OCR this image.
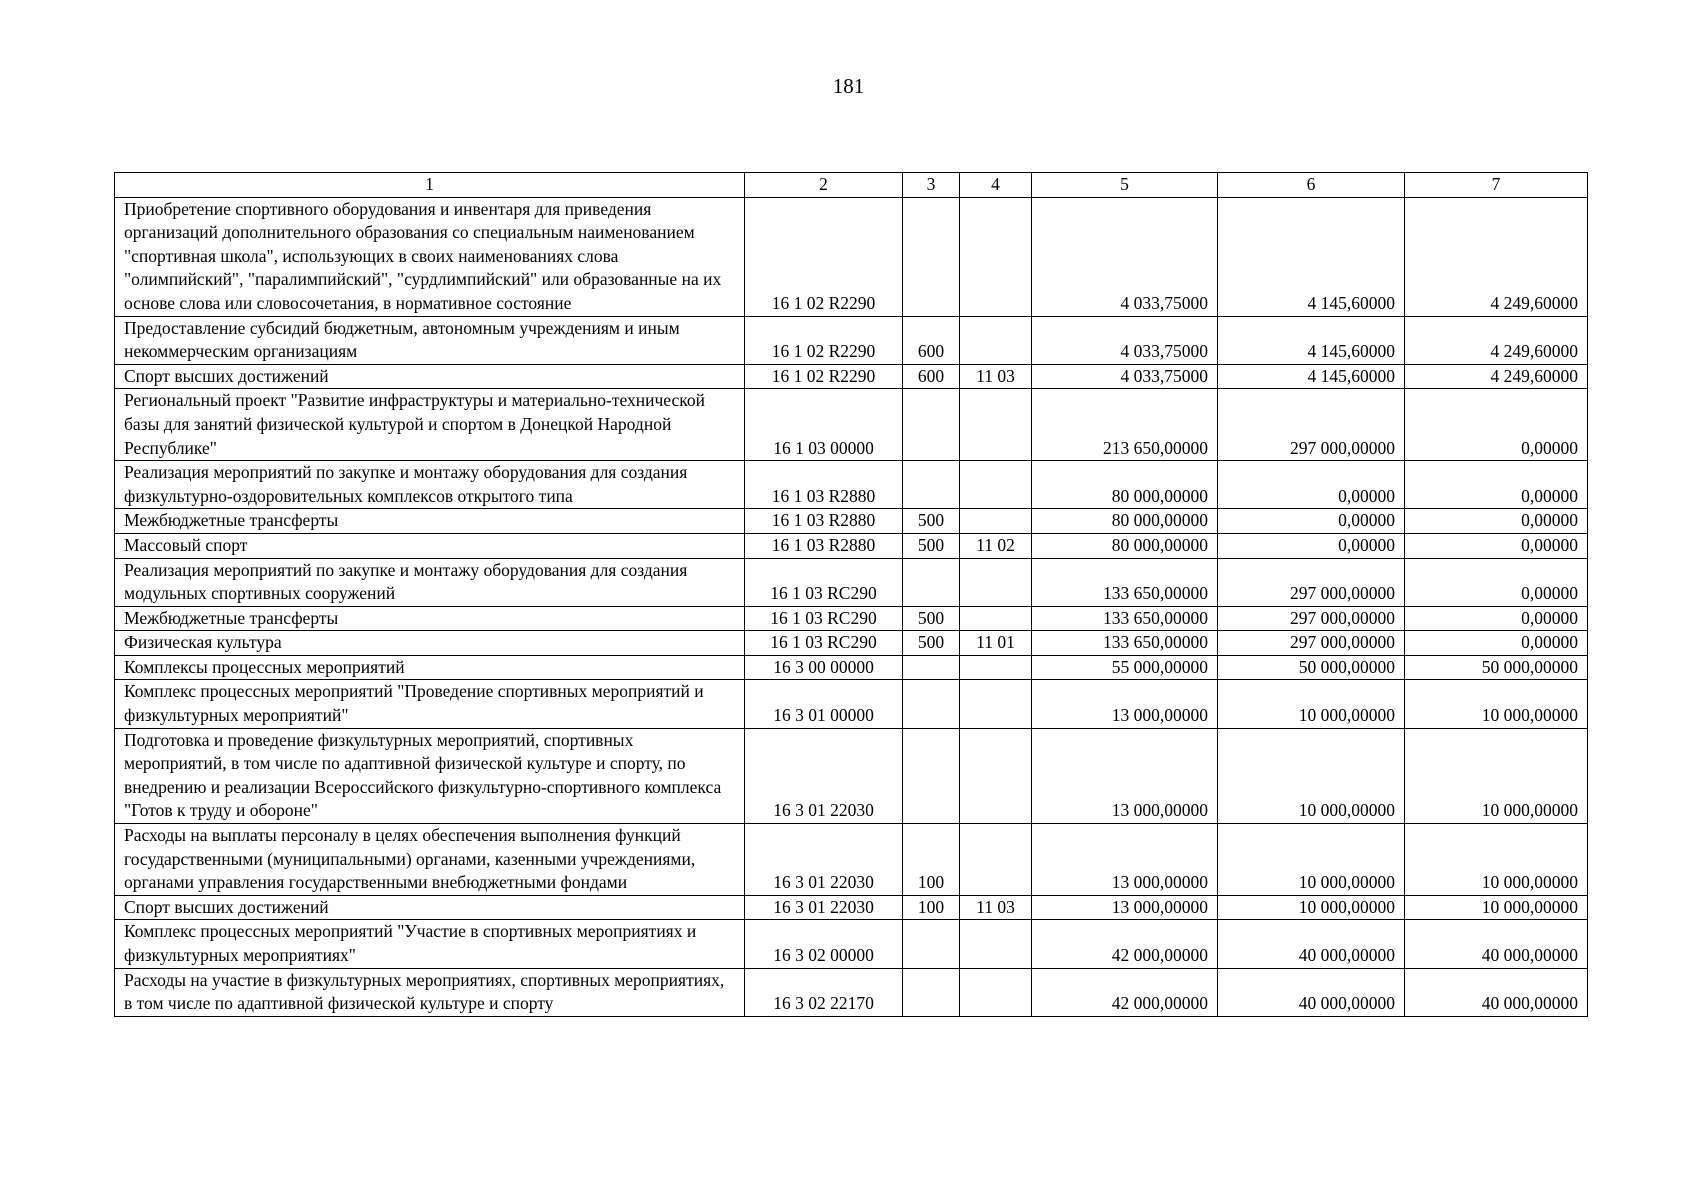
181
1	2	3	4	5	6	7
Приобретение спортивного оборудования и инвентаря для приведения организаций дополнительного образования со специальным наименованием "спортивная школа", использующих в своих наименованиях слова "олимпийский", "паралимпийский", "сурдлимпийский" или образованные на их основе слова или словосочетания, в нормативное состояние	16 1 02 R2290			4 033,75000	4 145,60000	4 249,60000
Предоставление субсидий бюджетным, автономным учреждениям и иным некоммерческим организациям	16 1 02 R2290	600		4 033,75000	4 145,60000	4 249,60000
Спорт высших достижений	16 1 02 R2290	600	11 03	4 033,75000	4 145,60000	4 249,60000
Региональный проект "Развитие инфраструктуры и материально-технической базы для занятий физической культурой и спортом в Донецкой Народной Республике"	16 1 03 00000			213 650,00000	297 000,00000	0,00000
Реализация мероприятий по закупке и монтажу оборудования для создания физкультурно-оздоровительных комплексов открытого типа	16 1 03 R2880			80 000,00000	0,00000	0,00000
Межбюджетные трансферты	16 1 03 R2880	500		80 000,00000	0,00000	0,00000
Массовый спорт	16 1 03 R2880	500	11 02	80 000,00000	0,00000	0,00000
Реализация мероприятий по закупке и монтажу оборудования для создания модульных спортивных сооружений	16 1 03 RC290			133 650,00000	297 000,00000	0,00000
Межбюджетные трансферты	16 1 03 RC290	500		133 650,00000	297 000,00000	0,00000
Физическая культура	16 1 03 RC290	500	11 01	133 650,00000	297 000,00000	0,00000
Комплексы процессных мероприятий	16 3 00 00000			55 000,00000	50 000,00000	50 000,00000
Комплекс процессных мероприятий "Проведение спортивных мероприятий и физкультурных мероприятий"	16 3 01 00000			13 000,00000	10 000,00000	10 000,00000
Подготовка и проведение физкультурных мероприятий, спортивных мероприятий, в том числе по адаптивной физической культуре и спорту, по внедрению и реализации Всероссийского физкультурно-спортивного комплекса "Готов к труду и обороне"	16 3 01 22030			13 000,00000	10 000,00000	10 000,00000
Расходы на выплаты персоналу в целях обеспечения выполнения функций государственными (муниципальными) органами, казенными учреждениями, органами управления государственными внебюджетными фондами	16 3 01 22030	100		13 000,00000	10 000,00000	10 000,00000
Спорт высших достижений	16 3 01 22030	100	11 03	13 000,00000	10 000,00000	10 000,00000
Комплекс процессных мероприятий "Участие в спортивных мероприятиях и физкультурных мероприятиях"	16 3 02 00000			42 000,00000	40 000,00000	40 000,00000
Расходы на участие в физкультурных мероприятиях, спортивных мероприятиях, в том числе по адаптивной физической культуре и спорту	16 3 02 22170			42 000,00000	40 000,00000	40 000,00000
